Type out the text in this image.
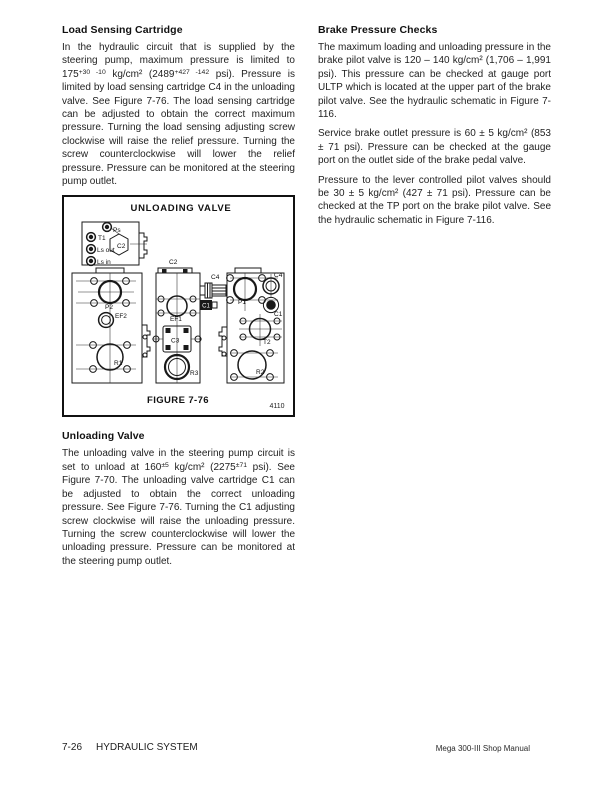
Load Sensing Cartridge

In the hydraulic circuit that is supplied by the steering pump, maximum pressure is limited to $175^{+30 -10}$ kg/cm² ($2489^{+427 -142}$ psi). Pressure is limited by load sensing cartridge C4 in the unloading valve. See Figure 7-76. The load sensing cartridge can be adjusted to obtain the correct maximum pressure. Turning the load sensing adjusting screw clockwise will raise the relief pressure. Turning the screw counterclockwise will lower the relief pressure. Pressure can be monitored at the steering pump outlet.

UNLOADING VALVE
Ps
T1
Ls out
Ls in
C2
P2
EF2
R1
C2
C4
C1
EF1
C3
R3
P1
C4
C1
T2
R2
FIGURE 7-76
4110
Unloading Valve

The unloading valve in the steering pump circuit is set to unload at $160^{\pm 5}$ kg/cm² ($2275^{\pm 71}$ psi). See Figure 7-70. The unloading valve cartridge C1 can be adjusted to obtain the correct unloading pressure. See Figure 7-76. Turning the C1 adjusting screw clockwise will raise the unloading pressure. Turning the screw counterclockwise will lower the unloading pressure. Pressure can be monitored at the steering pump outlet.

Brake Pressure Checks

The maximum loading and unloading pressure in the brake pilot valve is 120 – 140 kg/cm² (1,706 – 1,991 psi). This pressure can be checked at gauge port ULTP which is located at the upper part of the brake pilot valve. See the hydraulic schematic in Figure 7-116.

Service brake outlet pressure is 60 ± 5 kg/cm² (853 ± 71 psi). Pressure can be checked at the gauge port on the outlet side of the brake pedal valve.

Pressure to the lever controlled pilot valves should be 30 ± 5 kg/cm² (427 ± 71 psi). Pressure can be checked at the TP port on the brake pilot valve. See the hydraulic schematic in Figure 7-116.

7-26 HYDRAULIC SYSTEM	Mega 300-III Shop Manual
